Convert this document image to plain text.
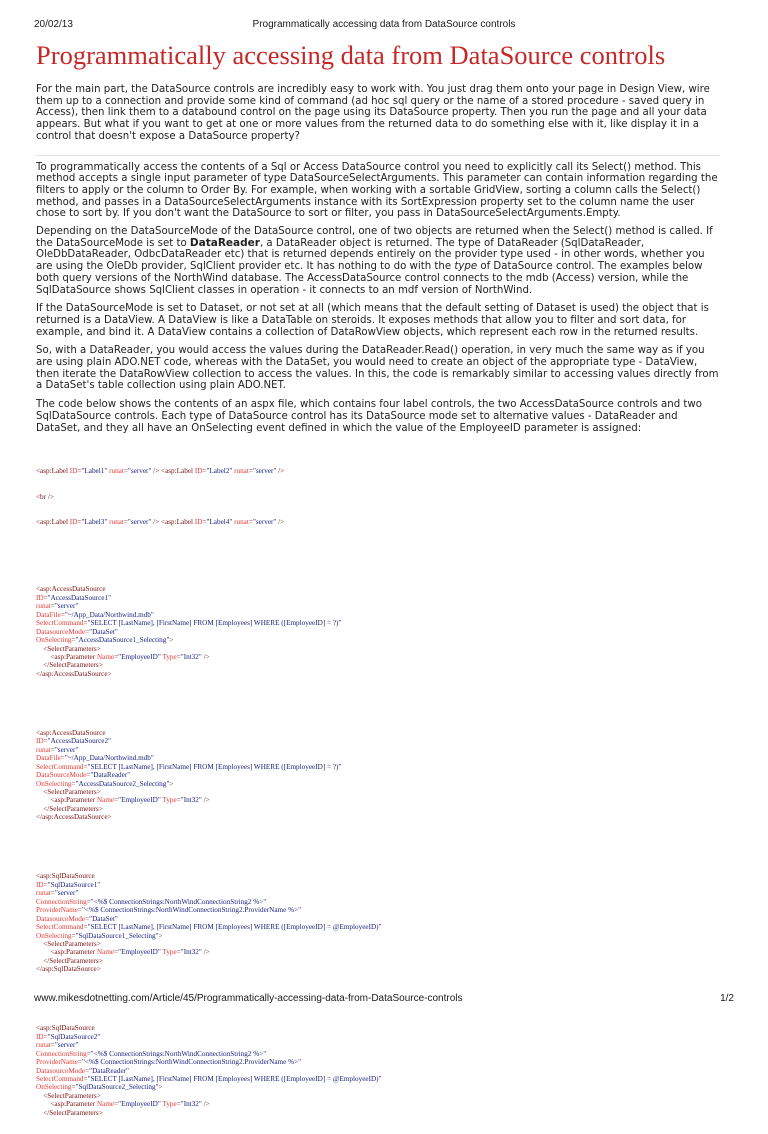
20/02/13	Programmatically accessing data from DataSource controls
Programmatically accessing data from DataSource controls

For the main part, the DataSource controls are incredibly easy to work with. You just drag them onto your page in Design View, wire them up to a connection and provide some kind of command (ad hoc sql query or the name of a stored procedure - saved query in Access), then link them to a databound control on the page using its DataSource property. Then you run the page and all your data appears. But what if you want to get at one or more values from the returned data to do something else with it, like display it in a control that doesn't expose a DataSource property?

To programmatically access the contents of a Sql or Access DataSource control you need to explicitly call its Select() method. This method accepts a single input parameter of type DataSourceSelectArguments. This parameter can contain information regarding the filters to apply or the column to Order By. For example, when working with a sortable GridView, sorting a column calls the Select() method, and passes in a DataSourceSelectArguments instance with its SortExpression property set to the column name the user chose to sort by. If you don't want the DataSource to sort or filter, you pass in DataSourceSelectArguments.Empty.

Depending on the DataSourceMode of the DataSource control, one of two objects are returned when the Select() method is called. If the DataSourceMode is set to DataReader, a DataReader object is returned. The type of DataReader (SqlDataReader, OleDbDataReader, OdbcDataReader etc) that is returned depends entirely on the provider type used - in other words, whether you are using the OleDb provider, SqlClient provider etc. It has nothing to do with the type of DataSource control. The examples below both query versions of the NorthWind database. The AccessDataSource control connects to the mdb (Access) version, while the SqlDataSource shows SqlClient classes in operation - it connects to an mdf version of NorthWind.

If the DataSourceMode is set to Dataset, or not set at all (which means that the default setting of Dataset is used) the object that is returned is a DataView. A DataView is like a DataTable on steroids. It exposes methods that allow you to filter and sort data, for example, and bind it. A DataView contains a collection of DataRowView objects, which represent each row in the returned results.

So, with a DataReader, you would access the values during the DataReader.Read() operation, in very much the same way as if you are using plain ADO.NET code, whereas with the DataSet, you would need to create an object of the appropriate type - DataView, then iterate the DataRowView collection to access the values. In this, the code is remarkably similar to accessing values directly from a DataSet's table collection using plain ADO.NET.

The code below shows the contents of an aspx file, which contains four label controls, the two AccessDataSource controls and two SqlDataSource controls. Each type of DataSource control has its DataSource mode set to alternative values - DataReader and DataSet, and they all have an OnSelecting event defined in which the value of the EmployeeID parameter is assigned:

<asp:Label ID="Label1" runat="server" /> <asp:Label ID="Label2" runat="server" />

<br />

<asp:Label ID="Label3" runat="server" /> <asp:Label ID="Label4" runat="server" />

<asp:AccessDataSource
ID="AccessDataSource1"
runat="server"
DataFile="~/App_Data/Northwind.mdb"
SelectCommand="SELECT [LastName], [FirstName] FROM [Employees] WHERE ([EmployeeID] = ?)"
DatasourceMode="DataSet"
OnSelecting="AccessDataSource1_Selecting">
<SelectParameters>
<asp:Parameter Name="EmployeeID" Type="Int32" />
</SelectParameters>
</asp:AccessDataSource>

<asp:AccessDataSource
ID="AccessDataSource2"
runat="server"
DataFile="~/App_Data/Northwind.mdb"
SelectCommand="SELECT [LastName], [FirstName] FROM [Employees] WHERE ([EmployeeID] = ?)"
DataSourceMode="DataReader"
OnSelecting="AccessDataSource2_Selecting">
<SelectParameters>
<asp:Parameter Name="EmployeeID" Type="Int32" />
</SelectParameters>
</asp:AccessDataSource>

<asp:SqlDataSource
ID="SqlDataSource1"
runat="server"
ConnectionString="<%$ ConnectionStrings:NorthWindConnectionString2 %>"
ProviderName="<%$ ConnectionStrings:NorthWindConnectionString2.ProviderName %>"
DatasourceMode="DataSet"
SelectCommand="SELECT [LastName], [FirstName] FROM [Employees] WHERE ([EmployeeID] = @EmployeeID)"
OnSelecting="SqlDataSource1_Selecting">
<SelectParameters>
<asp:Parameter Name="EmployeeID" Type="Int32" />
</SelectParameters>
</asp:SqlDataSource>

<asp:SqlDataSource
ID="SqlDataSource2"
runat="server"
ConnectionString="<%$ ConnectionStrings:NorthWindConnectionString2 %>"
ProviderName="<%$ ConnectionStrings:NorthWindConnectionString2.ProviderName %>"
DatasourceMode="DataReader"
SelectCommand="SELECT [LastName], [FirstName] FROM [Employees] WHERE ([EmployeeID] = @EmployeeID)"
OnSelecting="SqlDataSource2_Selecting">
<SelectParameters>
<asp:Parameter Name="EmployeeID" Type="Int32" />
</SelectParameters>

www.mikesdotnetting.com/Article/45/Programmatically-accessing-data-from-DataSource-controls	1/2
